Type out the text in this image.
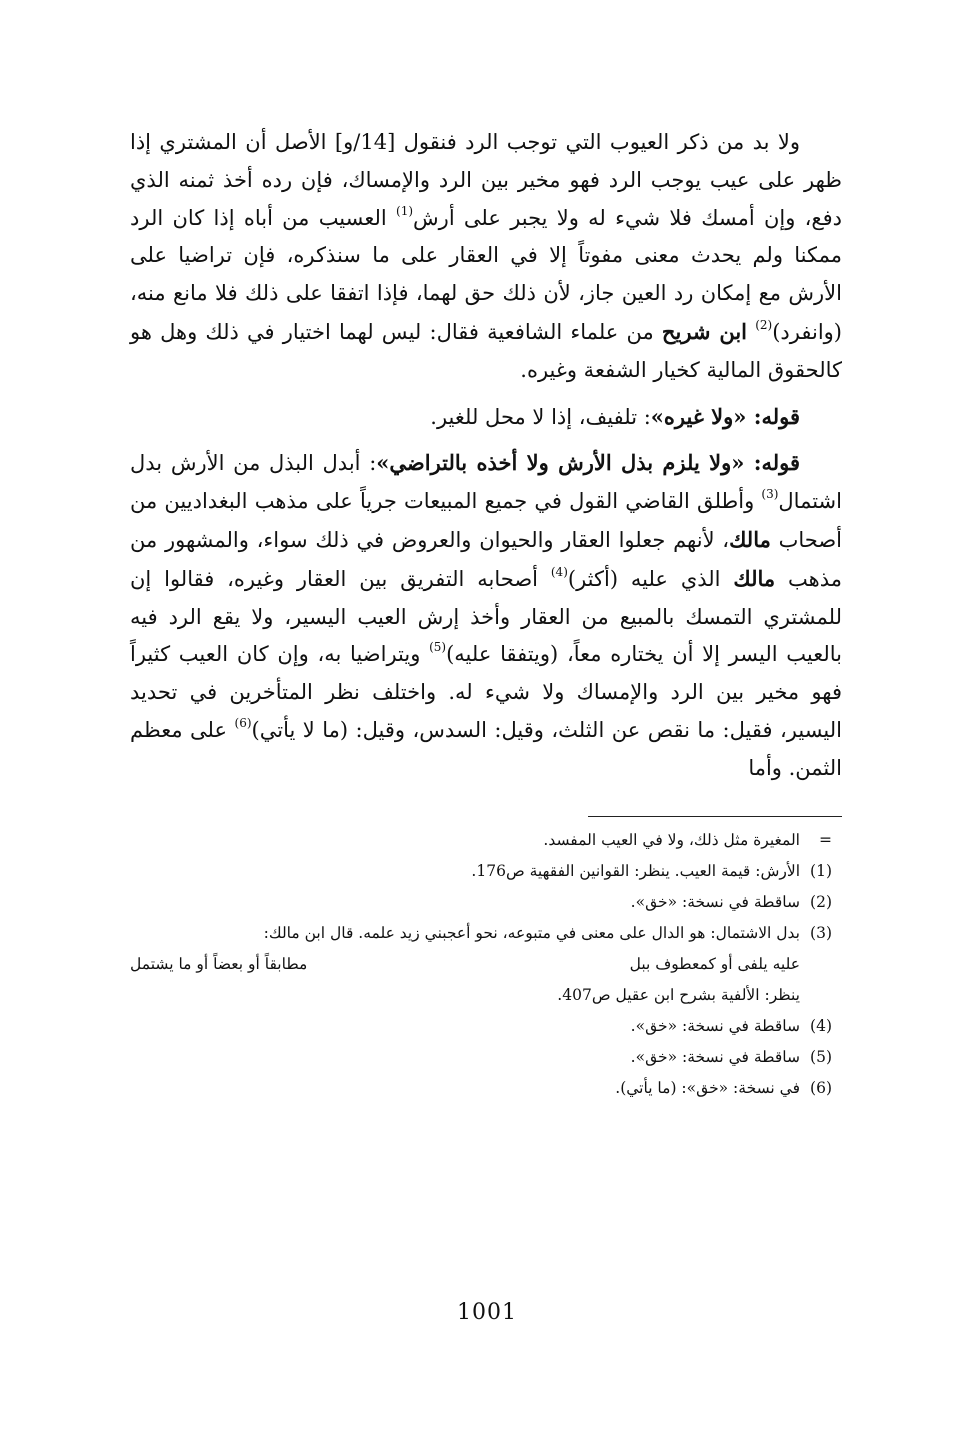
ولا بد من ذكر العيوب التي توجب الرد فنقول [14/و] الأصل أن المشتري إذا ظهر على عيب يوجب الرد فهو مخير بين الرد والإمساك، فإن رده أخذ ثمنه الذي دفع، وإن أمسك فلا شيء له ولا يجبر على أرش$^{(1)}$ العسيب من أباه إذا كان الرد ممكنا ولم يحدث معنى مفوتاً إلا في العقار على ما سنذكره، فإن تراضيا على الأرش مع إمكان رد العين جاز، لأن ذلك حق لهما، فإذا اتفقا على ذلك فلا مانع منه، (وانفرد)$^{(2)}$ ابن شريح من علماء الشافعية فقال: ليس لهما اختيار في ذلك وهل هو كالحقوق المالية كخيار الشفعة وغيره.

قوله: «ولا غيره»: تلفيف، إذا لا محل للغير.

قوله: «ولا يلزم بذل الأرش ولا أخذه بالتراضي»: أبدل البذل من الأرش بدل اشتمال$^{(3)}$ وأطلق القاضي القول في جميع المبيعات جرياً على مذهب البغداديين من أصحاب مالك، لأنهم جعلوا العقار والحيوان والعروض في ذلك سواء، والمشهور من مذهب مالك الذي عليه (أكثر)$^{(4)}$ أصحابه التفريق بين العقار وغيره، فقالوا إن للمشتري التمسك بالمبيع من العقار وأخذ إرش العيب اليسير، ولا يقع الرد فيه بالعيب اليسر إلا أن يختاره معاً، (ويتفقا عليه)$^{(5)}$ ويتراضيا به، وإن كان العيب كثيراً فهو مخير بين الرد والإمساك ولا شيء له. واختلف نظر المتأخرين في تحديد اليسير، فقيل: ما نقص عن الثلث، وقيل: السدس، وقيل: (ما لا يأتي)$^{(6)}$ على معظم الثمن. وأما

=
المغيرة مثل ذلك، ولا في العيب المفسد.
(1)
الأرش: قيمة العيب. ينظر: القوانين الفقهية ص176.
(2)
ساقطة في نسخة: «خق».
(3)
بدل الاشتمال: هو الدال على معنى في متبوعه، نحو أعجبني زيد علمه. قال ابن مالك:
عليه يلفى أو كمعطوف ببل
مطابقاً أو بعضاً أو ما يشتمل
ينظر: الألفية بشرح ابن عقيل ص407.
(4)
ساقطة في نسخة: «خق».
(5)
ساقطة في نسخة: «خق».
(6)
في نسخة: «خق»: (ما يأتي).
1001
